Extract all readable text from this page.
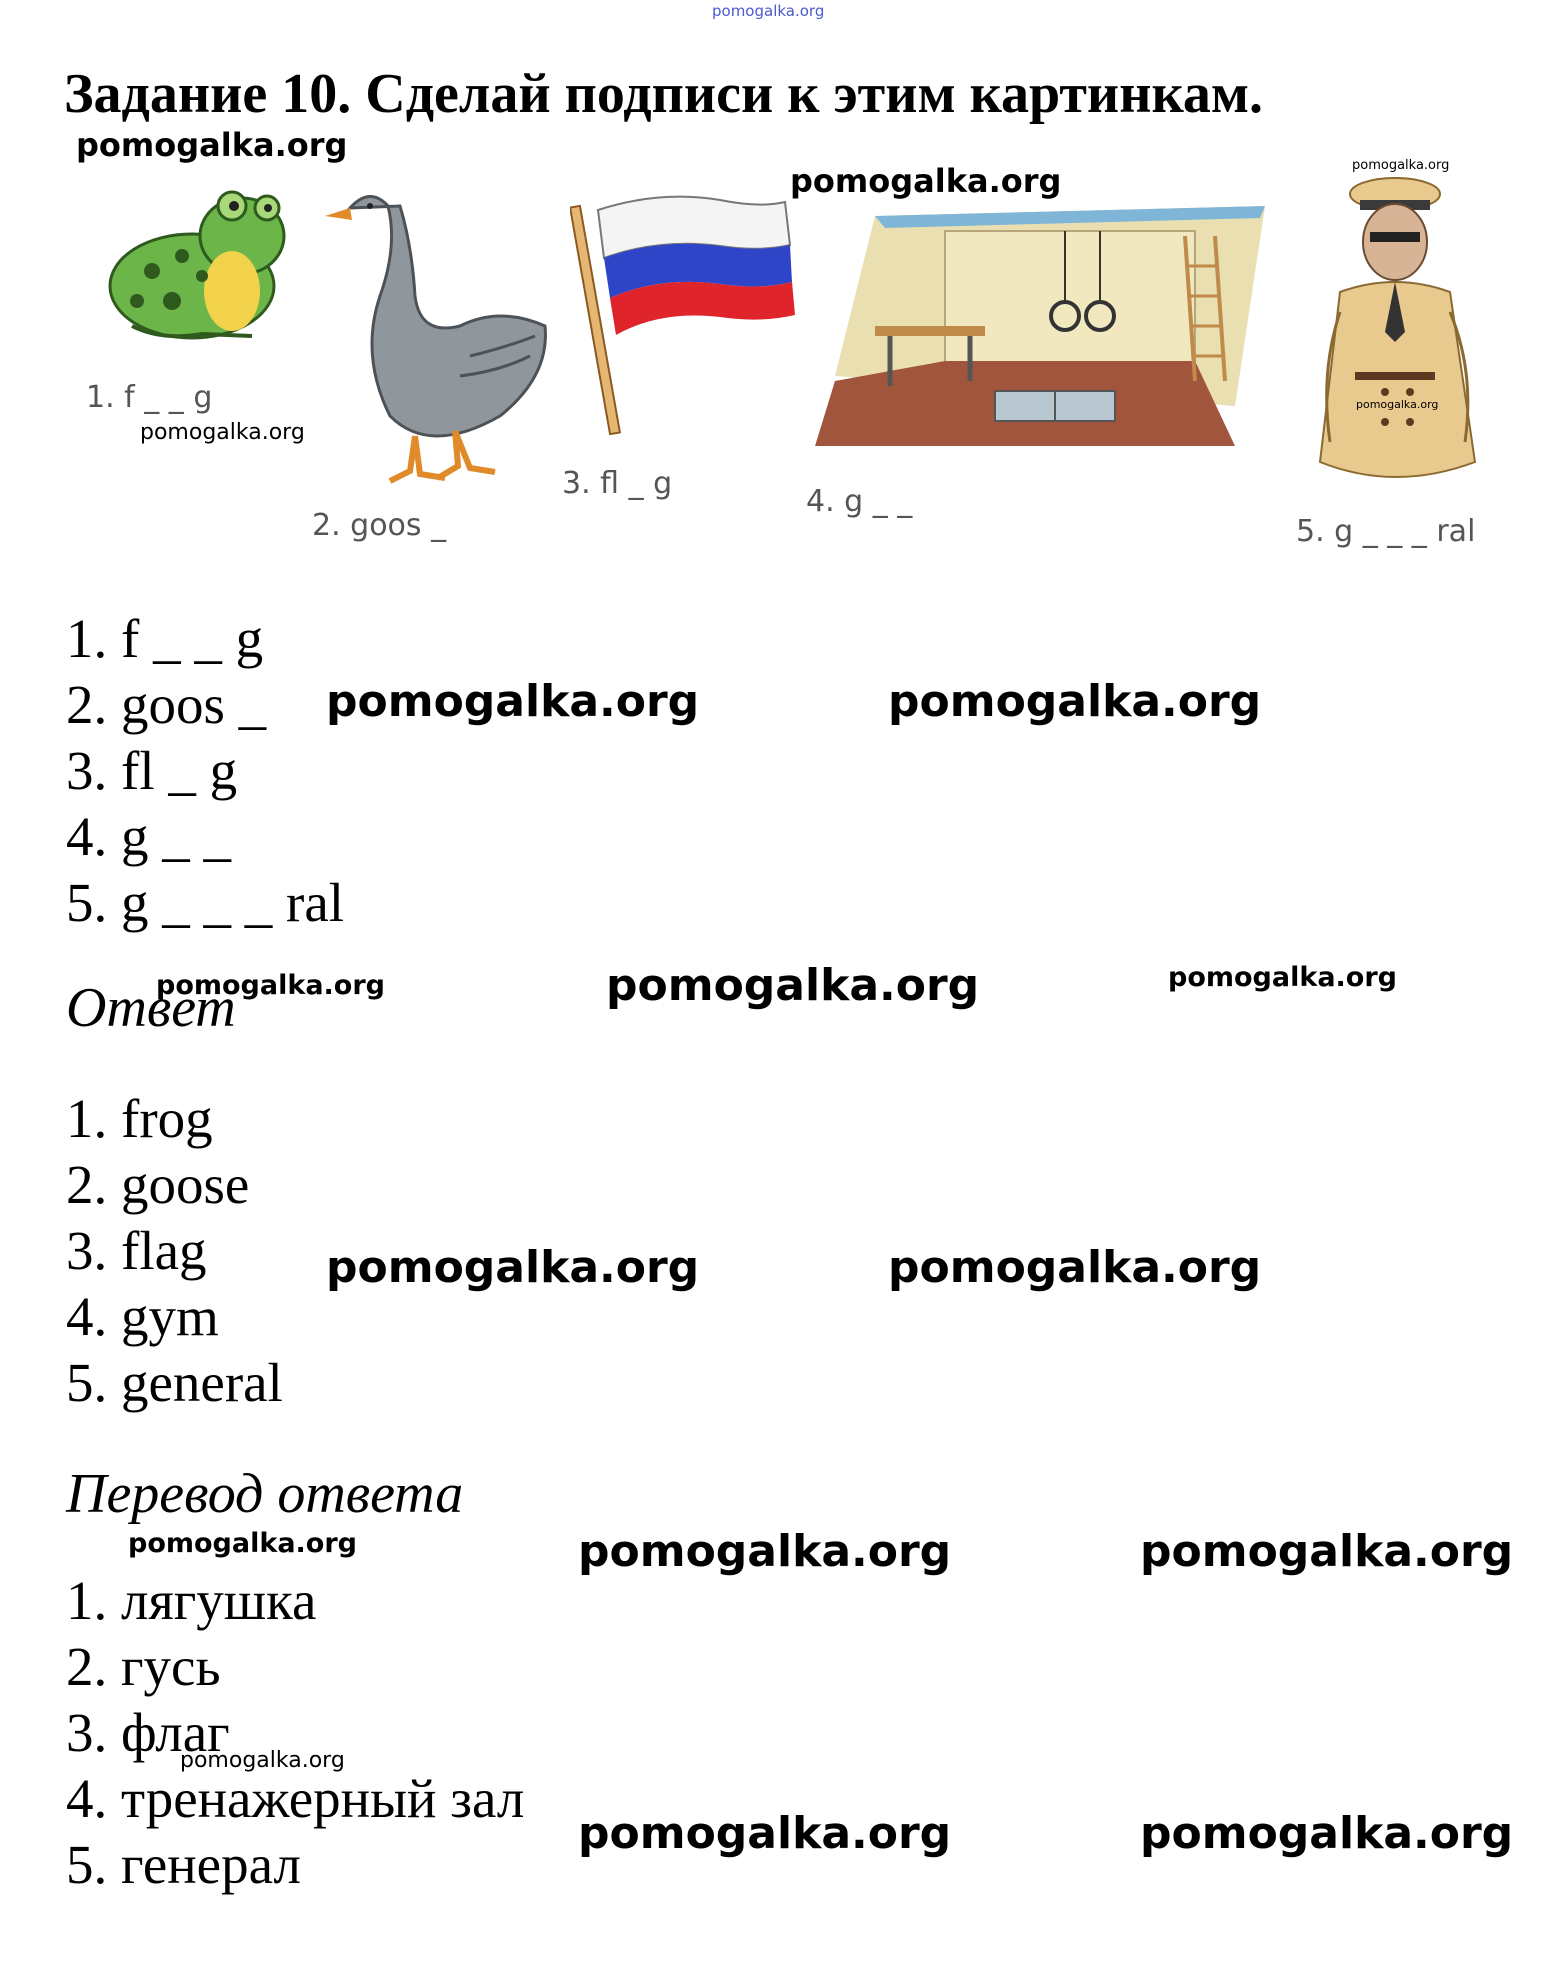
pomogalka.org
Задание 10. Сделай подписи к этим картинкам.
pomogalka.org
pomogalka.org	pomogalka.org
pomogalka.org
1. f _ _ g
2. goos _
3. fl _ g
4. g _ _
pomogalka.org
5. g _ _ _ ral
1. f _ _ g
2. goos _
3. fl _ g
4. g _ _
5. g _ _ _ ral
pomogalka.org	pomogalka.org
Ответ
pomogalka.org	pomogalka.org	pomogalka.org
1. frog
2. goose
3. flag
4. gym
5. general
pomogalka.org	pomogalka.org
Перевод ответа
pomogalka.org	pomogalka.org	pomogalka.org
1. лягушка
2. гусь
3. флаг
4. тренажерный зал
5. генерал
pomogalka.org
pomogalka.org	pomogalka.org
